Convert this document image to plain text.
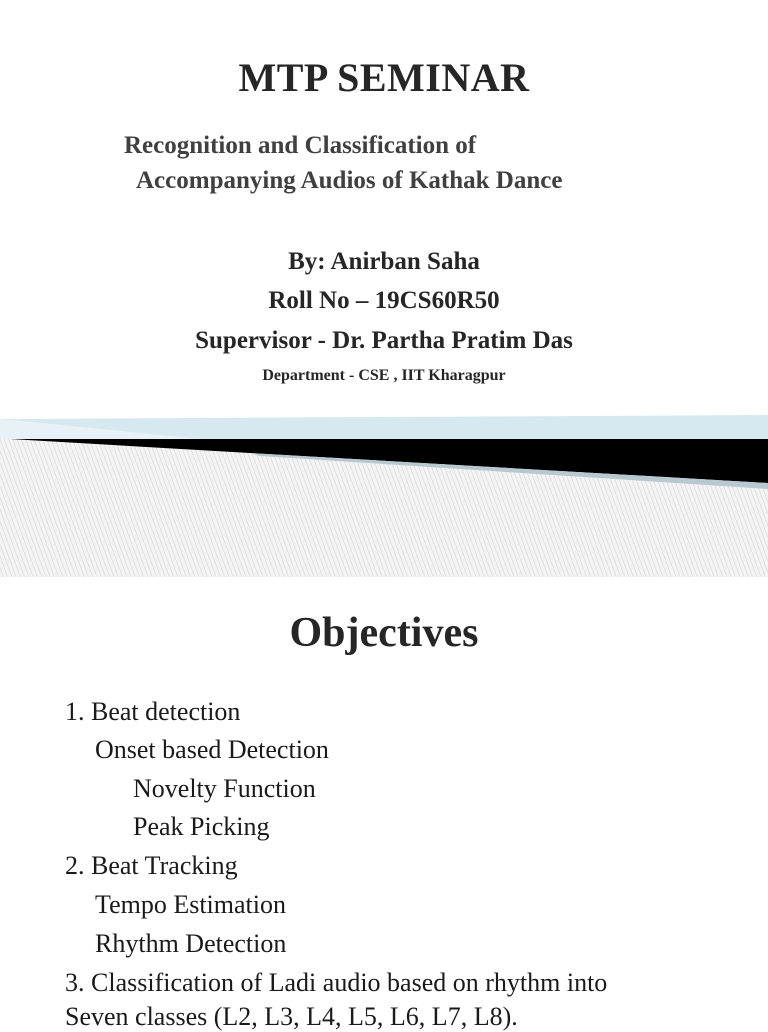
MTP SEMINAR
Recognition and Classification of
Accompanying Audios of Kathak Dance
By: Anirban Saha
Roll No – 19CS60R50
Supervisor - Dr. Partha Pratim Das
Department - CSE , IIT Kharagpur
Objectives
1. Beat detection
Onset based Detection
Novelty Function
Peak Picking
2. Beat Tracking
Tempo Estimation
Rhythm Detection
3. Classification of Ladi audio based on rhythm into
Seven classes (L2, L3, L4, L5, L6, L7, L8).
